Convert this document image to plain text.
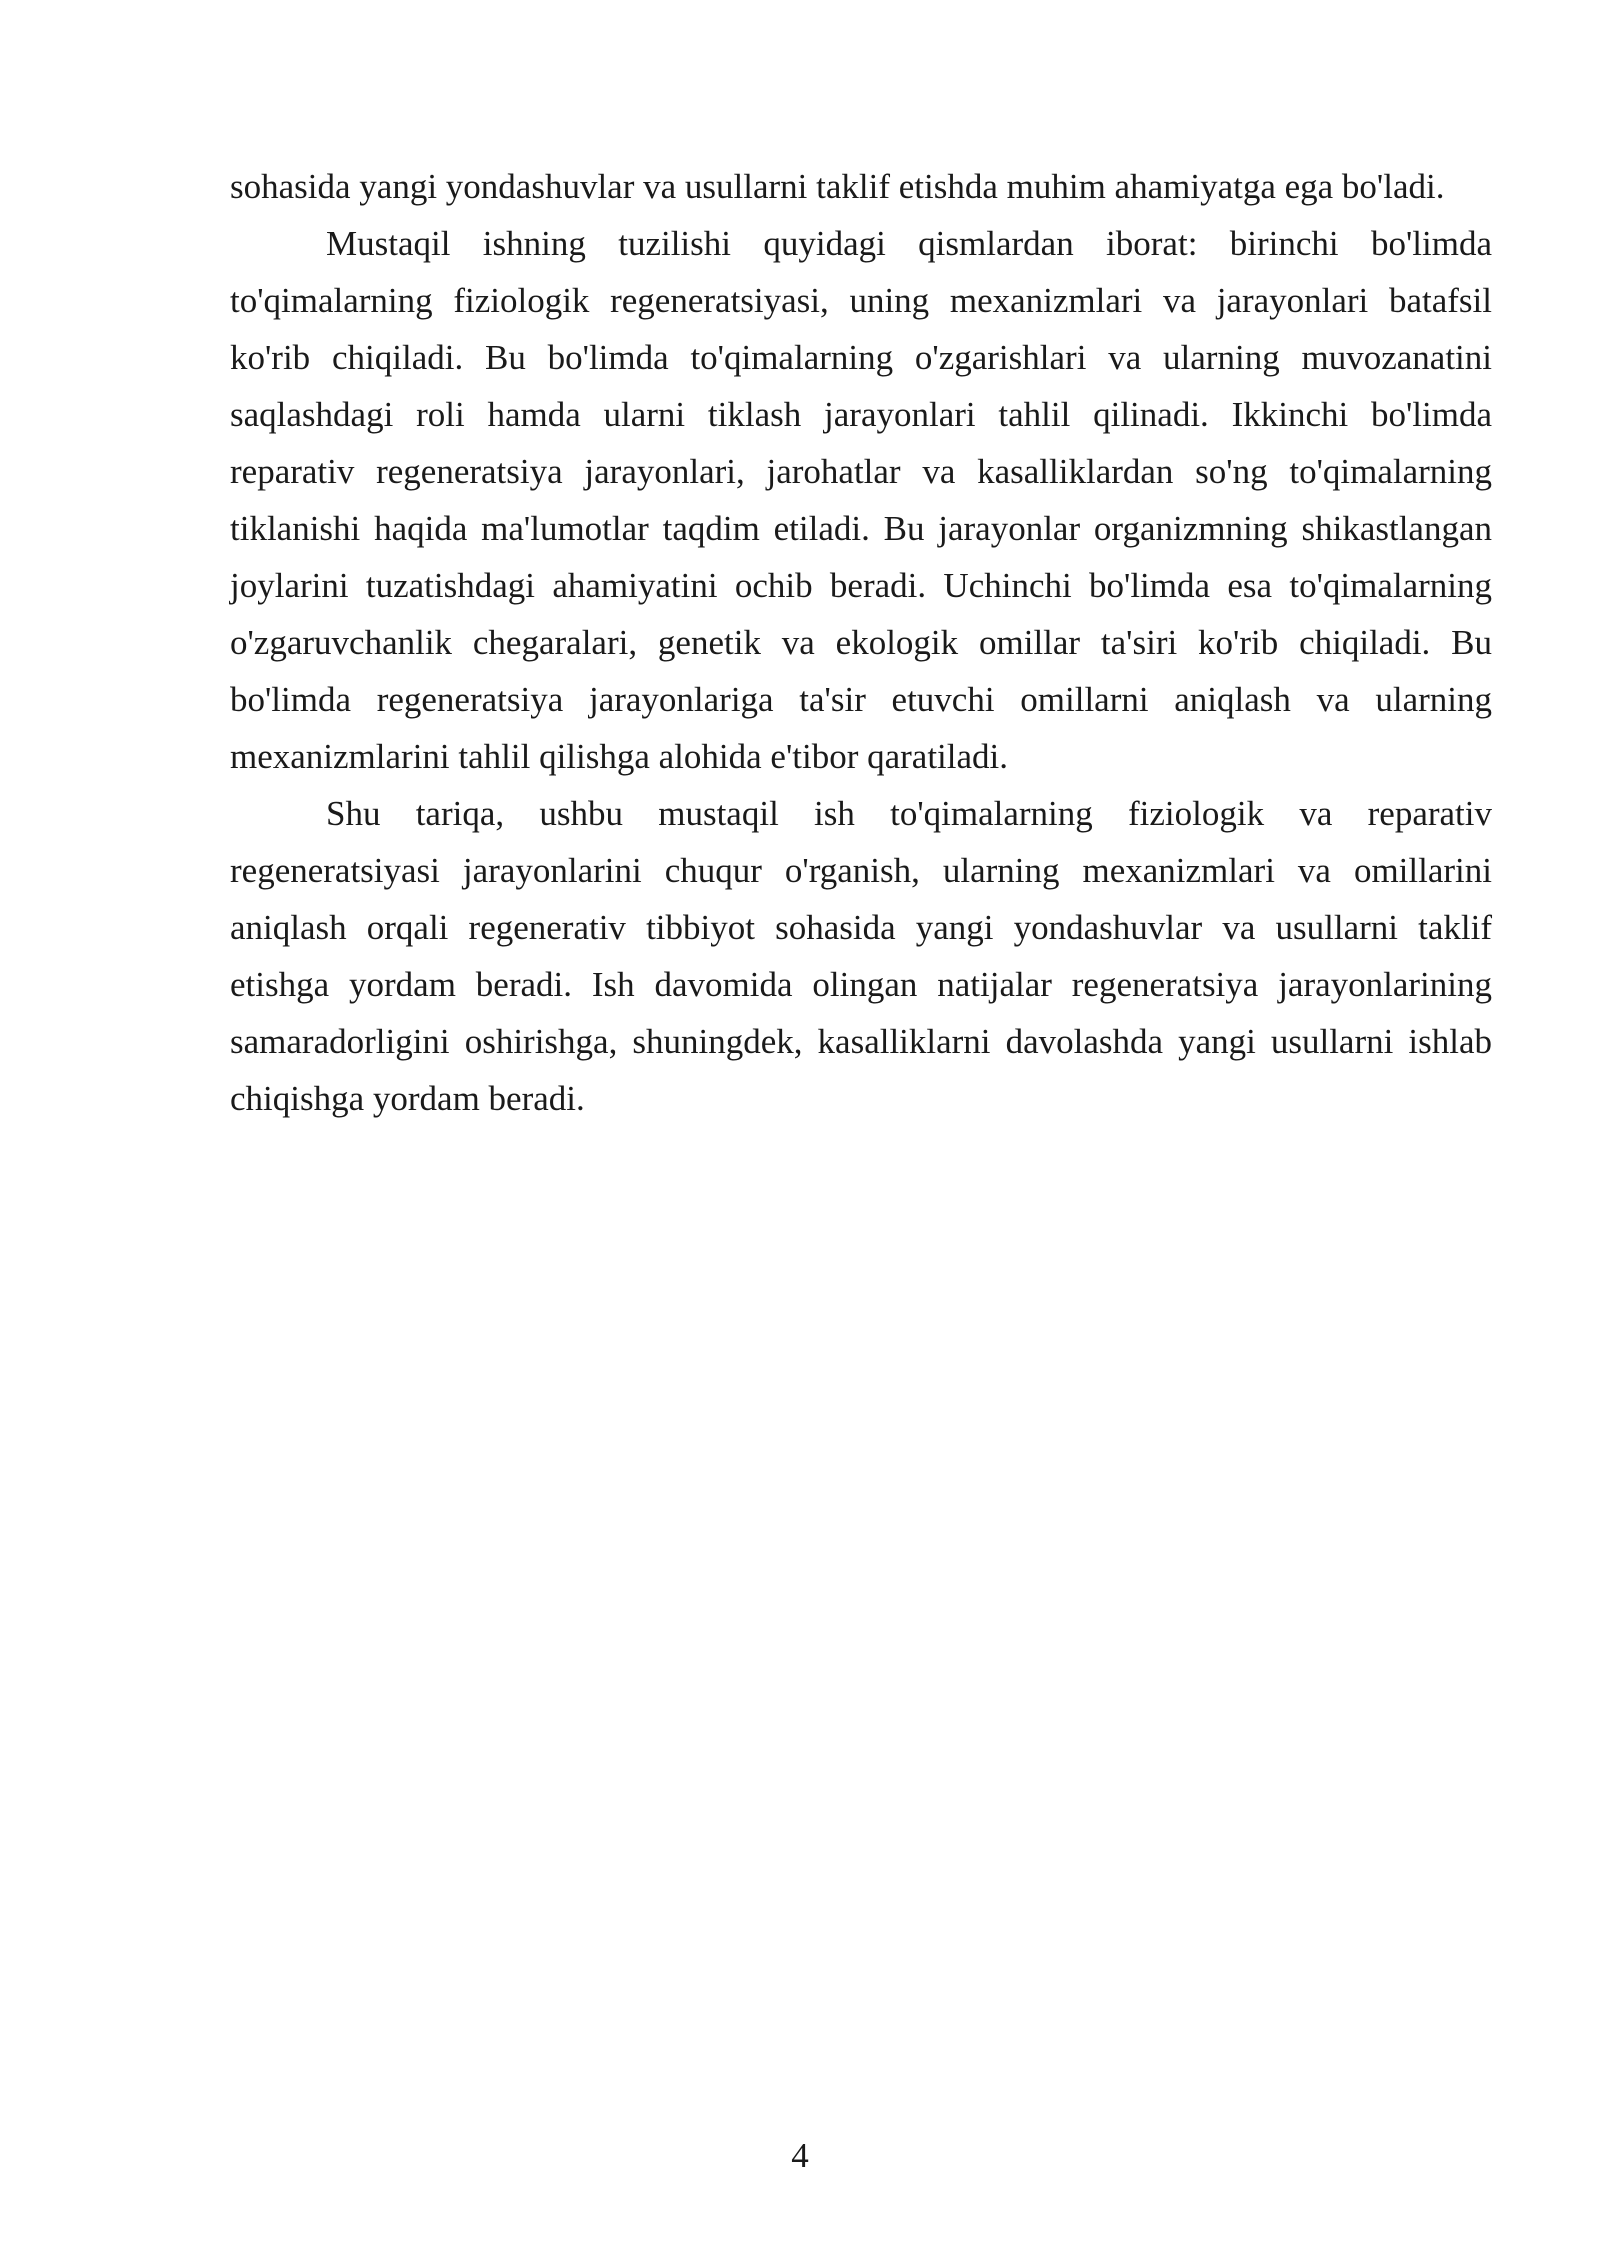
sohasida yangi yondashuvlar va usullarni taklif etishda muhim ahamiyatga ega bo'ladi.

Mustaqil ishning tuzilishi quyidagi qismlardan iborat: birinchi bo'limda to'qimalarning fiziologik regeneratsiyasi, uning mexanizmlari va jarayonlari batafsil ko'rib chiqiladi. Bu bo'limda to'qimalarning o'zgarishlari va ularning muvozanatini saqlashdagi roli hamda ularni tiklash jarayonlari tahlil qilinadi. Ikkinchi bo'limda reparativ regeneratsiya jarayonlari, jarohatlar va kasalliklardan so'ng to'qimalarning tiklanishi haqida ma'lumotlar taqdim etiladi. Bu jarayonlar organizmning shikastlangan joylarini tuzatishdagi ahamiyatini ochib beradi. Uchinchi bo'limda esa to'qimalarning o'zgaruvchanlik chegaralari, genetik va ekologik omillar ta'siri ko'rib chiqiladi. Bu bo'limda regeneratsiya jarayonlariga ta'sir etuvchi omillarni aniqlash va ularning mexanizmlarini tahlil qilishga alohida e'tibor qaratiladi.

Shu tariqa, ushbu mustaqil ish to'qimalarning fiziologik va reparativ regeneratsiyasi jarayonlarini chuqur o'rganish, ularning mexanizmlari va omillarini aniqlash orqali regenerativ tibbiyot sohasida yangi yondashuvlar va usullarni taklif etishga yordam beradi. Ish davomida olingan natijalar regeneratsiya jarayonlarining samaradorligini oshirishga, shuningdek, kasalliklarni davolashda yangi usullarni ishlab chiqishga yordam beradi.

4
